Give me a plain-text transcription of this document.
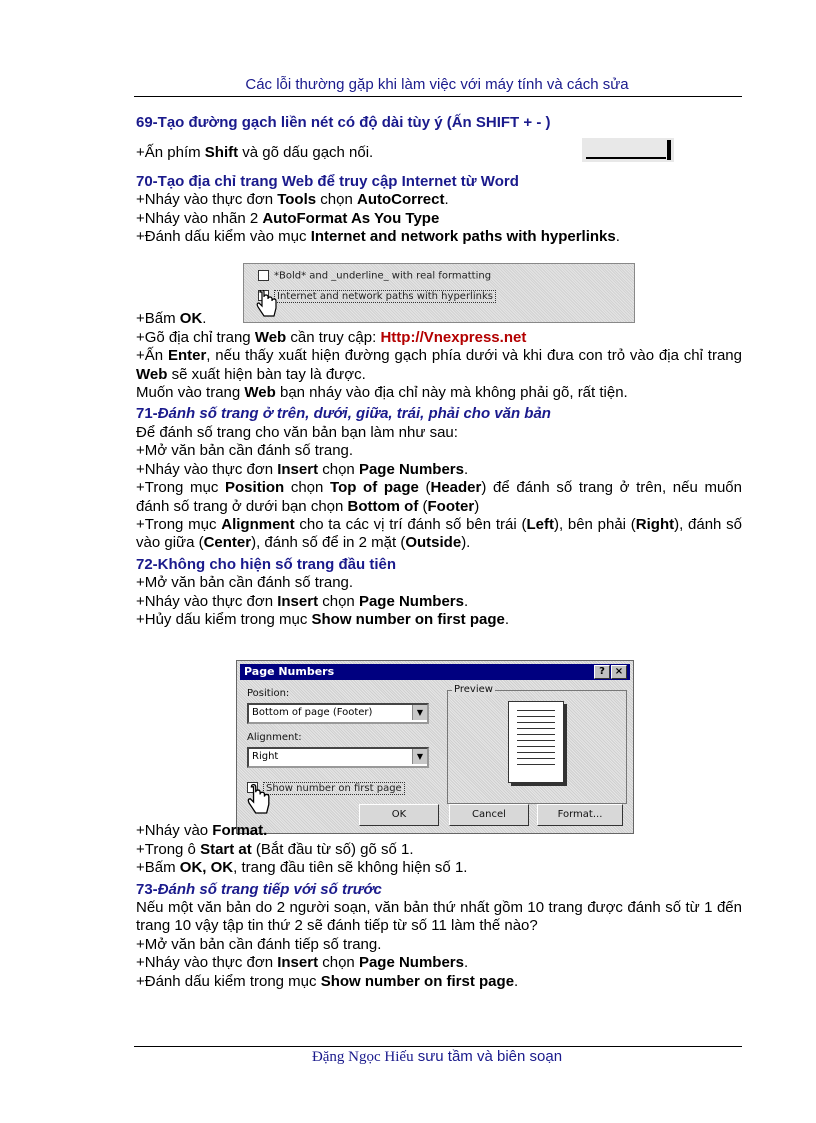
Các lỗi thường gặp khi làm việc với máy tính và cách sửa
*Bold* and _underline_ with real formatting
Internet and network paths with hyperlinks
Page Numbers	? ×
Position:
Bottom of page (Footer)	▼
Alignment:
Right	▼
Preview
Show number on first page
OK	Cancel	Format...
69-Tạo đường gạch liền nét có độ dài tùy ý (Ấn SHIFT + - )
+Ấn phím Shift và gõ dấu gạch nối.
70-Tạo địa chỉ trang Web để truy cập Internet từ Word
+Nháy vào thực đơn Tools chọn AutoCorrect.
+Nháy vào nhãn 2 AutoFormat As You Type
+Đánh dấu kiểm vào mục Internet and network paths with hyperlinks.
+Bấm OK.
+Gõ địa chỉ trang Web cần truy cập: Http://Vnexpress.net
+Ấn Enter, nếu thấy xuất hiện đường gạch phía dưới và khi đưa con trỏ vào địa chỉ trang Web sẽ xuất hiện bàn tay là được.
Muốn vào trang Web bạn nháy vào địa chỉ này mà không phải gõ, rất tiện.
71-Đánh số trang ở trên, dưới, giữa, trái, phải cho văn bản
Để đánh số trang cho văn bản bạn làm như sau:
+Mở văn bản cần đánh số trang.
+Nháy vào thực đơn Insert chọn Page Numbers.
+Trong mục Position chọn Top of page (Header) để đánh số trang ở trên, nếu muốn đánh số trang ở dưới bạn chọn Bottom of (Footer)
+Trong mục Alignment cho ta các vị trí đánh số bên trái (Left), bên phải (Right), đánh số vào giữa (Center), đánh số để in 2 mặt (Outside).
72-Không cho hiện số trang đầu tiên
+Mở văn bản cần đánh số trang.
+Nháy vào thực đơn Insert chọn Page Numbers.
+Hủy dấu kiểm trong mục Show number on first page.
+Nháy vào Format.
+Trong ô Start at (Bắt đầu từ số) gõ số 1.
+Bấm OK, OK, trang đầu tiên sẽ không hiện số 1.
73-Đánh số trang tiếp với số trước
Nếu một văn bản do 2 người soạn, văn bản thứ nhất gồm 10 trang được đánh số từ 1 đến trang 10 vậy tập tin thứ 2 sẽ đánh tiếp từ số 11 làm thế nào?
+Mở văn bản cần đánh tiếp số trang.
+Nháy vào thực đơn Insert chọn Page Numbers.
+Đánh dấu kiểm trong mục Show number on first page.
Đặng Ngọc Hiếu sưu tầm và biên soạn
